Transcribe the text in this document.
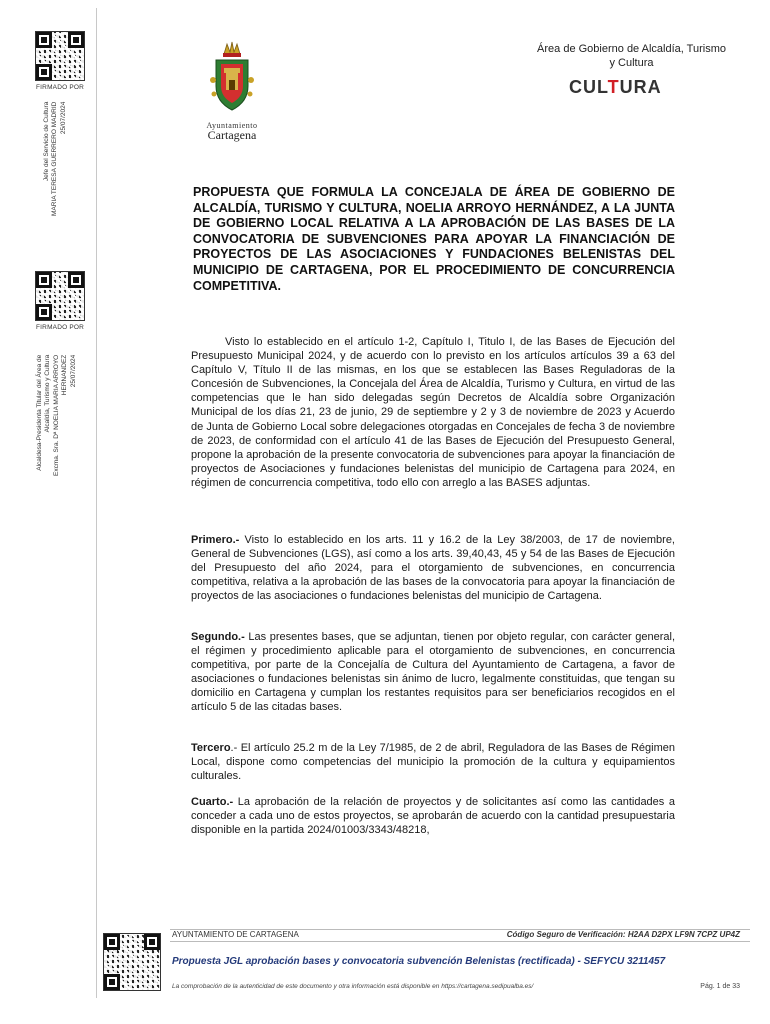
FIRMADO POR
Jefe del Servicio de Cultura MARIA TERESA GUERRERO MADRID 25/07/2024
FIRMADO POR
Alcaldesa-Presidenta Titular del Área de Alcaldía, Turismo y Cultura Excma. Sra. Dª NOELIA MARIA ARROYO HERNANDEZ 25/07/2024
Ayuntamiento
Cartagena
Área de Gobierno de Alcaldía, Turismo
y Cultura
CULTURA
PROPUESTA QUE FORMULA LA CONCEJALA DE ÁREA DE GOBIERNO DE ALCALDÍA, TURISMO Y CULTURA, NOELIA ARROYO HERNÁNDEZ, A LA JUNTA DE GOBIERNO LOCAL RELATIVA A LA APROBACIÓN DE LAS BASES DE LA CONVOCATORIA DE SUBVENCIONES PARA APOYAR LA FINANCIACIÓN DE PROYECTOS DE LAS ASOCIACIONES Y FUNDACIONES BELENISTAS DEL MUNICIPIO DE CARTAGENA, POR EL PROCEDIMIENTO DE CONCURRENCIA COMPETITIVA.
Visto lo establecido en el artículo 1-2, Capítulo I, Titulo I, de las Bases de Ejecución del Presupuesto Municipal 2024, y de acuerdo con lo previsto en los artículos artículos 39 a 63 del Capítulo V, Título II de las mismas, en los que se establecen las Bases Reguladoras de la Concesión de Subvenciones, la Concejala del Área de Alcaldía, Turismo y Cultura, en virtud de las competencias que le han sido delegadas según Decretos de Alcaldía sobre Organización Municipal de los días 21, 23 de junio, 29 de septiembre y 2 y 3 de noviembre de 2023 y Acuerdo de Junta de Gobierno Local sobre delegaciones otorgadas en Concejales de fecha 3 de noviembre de 2023, de conformidad con el artículo 41 de las Bases de Ejecución del Presupuesto General, propone la aprobación de la presente convocatoria de subvenciones para apoyar la financiación de proyectos de Asociaciones y fundaciones belenistas del municipio de Cartagena para 2024, en régimen de concurrencia competitiva, todo ello con arreglo a las BASES adjuntas.
Primero.- Visto lo establecido en los arts. 11 y 16.2 de la Ley 38/2003, de 17 de noviembre, General de Subvenciones (LGS), así como a los arts. 39,40,43, 45 y 54 de las Bases de Ejecución del Presupuesto del año 2024, para el otorgamiento de subvenciones, en concurrencia competitiva, relativa a la aprobación de las bases de la convocatoria para apoyar la financiación de proyectos de las asociaciones o fundaciones belenistas del municipio de Cartagena.
Segundo.- Las presentes bases, que se adjuntan, tienen por objeto regular, con carácter general, el régimen y procedimiento aplicable para el otorgamiento de subvenciones, en concurrencia competitiva, por parte de la Concejalía de Cultura del Ayuntamiento de Cartagena, a favor de asociaciones o fundaciones belenistas sin ánimo de lucro, legalmente constituidas, que tengan su domicilio en Cartagena y cumplan los restantes requisitos para ser beneficiarios recogidos en el artículo 5 de las citadas bases.
Tercero.- El artículo 25.2 m de la Ley 7/1985, de 2 de abril, Reguladora de las Bases de Régimen Local, dispone como competencias del municipio la promoción de la cultura y equipamientos culturales.
Cuarto.- La aprobación de la relación de proyectos y de solicitantes así como las cantidades a conceder a cada uno de estos proyectos, se aprobarán de acuerdo con la cantidad presupuestaria disponible en la partida 2024/01003/3343/48218,
AYUNTAMIENTO DE CARTAGENA	Código Seguro de Verificación: H2AA D2PX LF9N 7CPZ UP4Z
Propuesta JGL aprobación bases y convocatoria subvención Belenistas (rectificada) - SEFYCU 3211457
La comprobación de la autenticidad de este documento y otra información está disponible en https://cartagena.sedipualba.es/	Pág. 1 de 33
